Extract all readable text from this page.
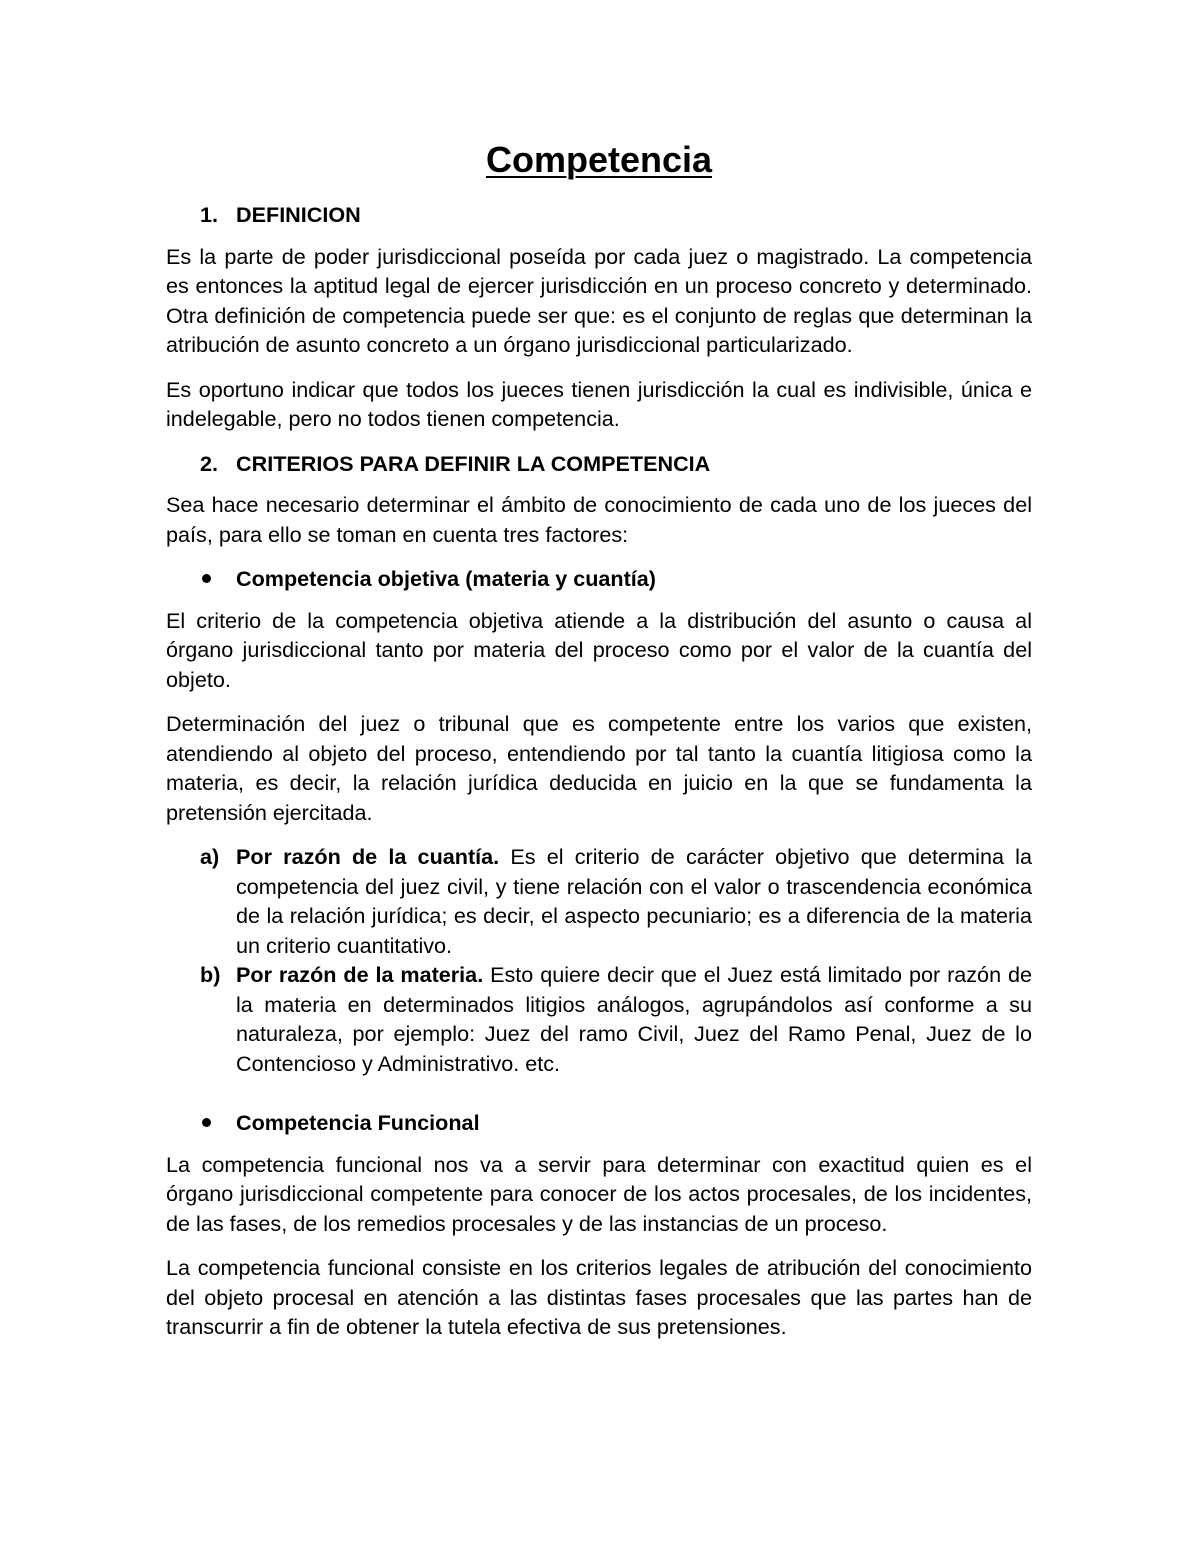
Competencia
1. DEFINICION

Es la parte de poder jurisdiccional poseída por cada juez o magistrado. La competencia es entonces la aptitud legal de ejercer jurisdicción en un proceso concreto y determinado. Otra definición de competencia puede ser que: es el conjunto de reglas que determinan la atribución de asunto concreto a un órgano jurisdiccional particularizado.

Es oportuno indicar que todos los jueces tienen jurisdicción la cual es indivisible, única e indelegable, pero no todos tienen competencia.

2. CRITERIOS PARA DEFINIR LA COMPETENCIA

Sea hace necesario determinar el ámbito de conocimiento de cada uno de los jueces del país, para ello se toman en cuenta tres factores:

Competencia objetiva (materia y cuantía)

El criterio de la competencia objetiva atiende a la distribución del asunto o causa al órgano jurisdiccional tanto por materia del proceso como por el valor de la cuantía del objeto.

Determinación del juez o tribunal que es competente entre los varios que existen, atendiendo al objeto del proceso, entendiendo por tal tanto la cuantía litigiosa como la materia, es decir, la relación jurídica deducida en juicio en la que se fundamenta la pretensión ejercitada.

a) Por razón de la cuantía. Es el criterio de carácter objetivo que determina la competencia del juez civil, y tiene relación con el valor o trascendencia económica de la relación jurídica; es decir, el aspecto pecuniario; es a diferencia de la materia un criterio cuantitativo.
b) Por razón de la materia. Esto quiere decir que el Juez está limitado por razón de la materia en determinados litigios análogos, agrupándolos así conforme a su naturaleza, por ejemplo: Juez del ramo Civil, Juez del Ramo Penal, Juez de lo Contencioso y Administrativo. etc.
Competencia Funcional

La competencia funcional nos va a servir para determinar con exactitud quien es el órgano jurisdiccional competente para conocer de los actos procesales, de los incidentes, de las fases, de los remedios procesales y de las instancias de un proceso.

La competencia funcional consiste en los criterios legales de atribución del conocimiento del objeto procesal en atención a las distintas fases procesales que las partes han de transcurrir a fin de obtener la tutela efectiva de sus pretensiones.
